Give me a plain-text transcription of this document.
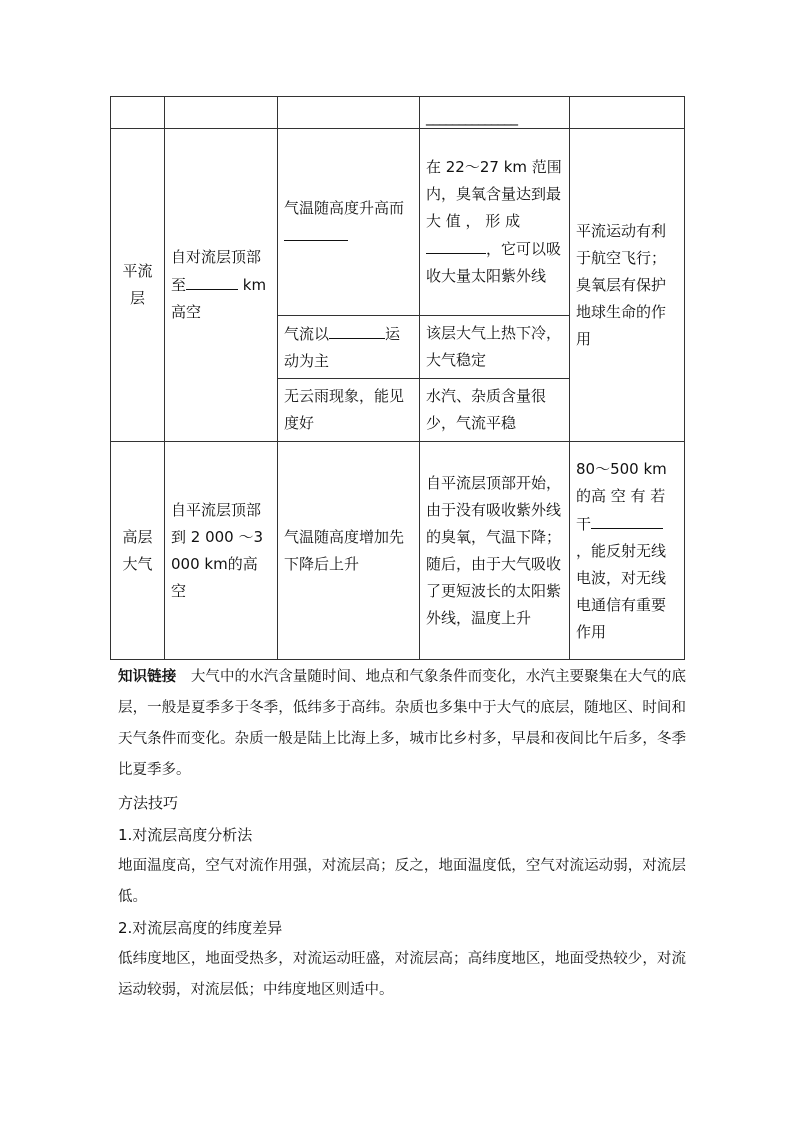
			______________	
平流层	自对流层顶部至 km高空	气温随高度升高而	在 22～27 km 范围内，臭氧含量达到最 大 值 ， 形 成，它可以吸收大量太阳紫外线	平流运动有利于航空飞行；臭氧层有保护地球生命的作用
		气流以 运动为主	该层大气上热下冷，大气稳定	
		无云雨现象，能见度好	水汽、杂质含量很少，气流平稳	
高层大气	自平流层顶部到 2 000 ～3 000 km的高空	气温随高度增加先下降后上升	自平流层顶部开始，由于没有吸收紫外线的臭氧，气温下降；随后，由于大气吸收了更短波长的太阳紫外线，温度上升	80～500 km 的高 空 有 若 干，能反射无线电波，对无线电通信有重要作用
知识链接　大气中的水汽含量随时间、地点和气象条件而变化，水汽主要聚集在大气的底层，一般是夏季多于冬季，低纬多于高纬。杂质也多集中于大气的底层，随地区、时间和天气条件而变化。杂质一般是陆上比海上多，城市比乡村多，早晨和夜间比午后多，冬季比夏季多。
方法技巧
1.对流层高度分析法
地面温度高，空气对流作用强，对流层高；反之，地面温度低，空气对流运动弱，对流层低。
2.对流层高度的纬度差异
低纬度地区，地面受热多，对流运动旺盛，对流层高；高纬度地区，地面受热较少，对流运动较弱，对流层低；中纬度地区则适中。
